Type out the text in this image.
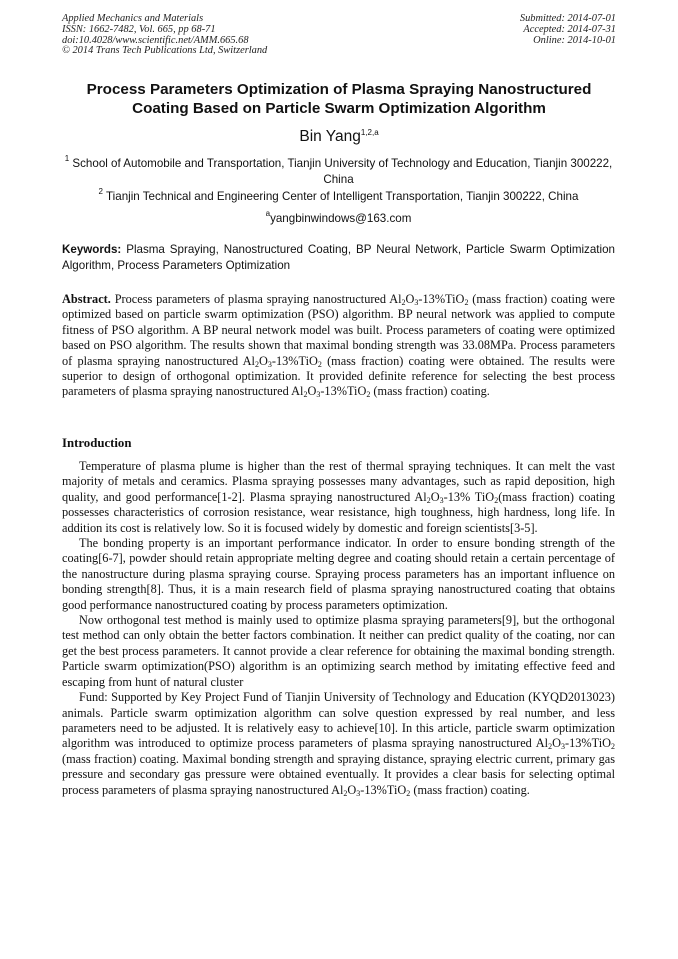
Applied Mechanics and Materials
ISSN: 1662-7482, Vol. 665, pp 68-71
doi:10.4028/www.scientific.net/AMM.665.68
© 2014 Trans Tech Publications Ltd, Switzerland
Submitted: 2014-07-01
Accepted: 2014-07-31
Online: 2014-10-01
Process Parameters Optimization of Plasma Spraying Nanostructured
Coating Based on Particle Swarm Optimization Algorithm
Bin Yang$^{1,2,a}$
$^1$ School of Automobile and Transportation, Tianjin University of Technology and Education, Tianjin 300222, China
$^2$ Tianjin Technical and Engineering Center of Intelligent Transportation, Tianjin 300222, China
$^a$yangbinwindows@163.com
Keywords: Plasma Spraying, Nanostructured Coating, BP Neural Network, Particle Swarm Optimization Algorithm, Process Parameters Optimization
Abstract. Process parameters of plasma spraying nanostructured $Al_2O_3-13\%TiO_2$ (mass fraction) coating were optimized based on particle swarm optimization (PSO) algorithm. BP neural network was applied to compute fitness of PSO algorithm. A BP neural network model was built. Process parameters of coating were optimized based on PSO algorithm. The results shown that maximal bonding strength was 33.08MPa. Process parameters of plasma spraying nanostructured $Al_2O_3-13\%TiO_2$ (mass fraction) coating were obtained. The results were superior to design of orthogonal optimization. It provided definite reference for selecting the best process parameters of plasma spraying nanostructured $Al_2O_3-13\%TiO_2$ (mass fraction) coating.
Introduction

Temperature of plasma plume is higher than the rest of thermal spraying techniques. It can melt the vast majority of metals and ceramics. Plasma spraying possesses many advantages, such as rapid deposition, high quality, and good performance[1-2]. Plasma spraying nanostructured $Al_2O_3-13\%$ TiO$_2$(mass fraction) coating possesses characteristics of corrosion resistance, wear resistance, high toughness, high hardness, long life. In addition its cost is relatively low. So it is focused widely by domestic and foreign scientists[3-5].

The bonding property is an important performance indicator. In order to ensure bonding strength of the coating[6-7], powder should retain appropriate melting degree and coating should retain a certain percentage of the nanostructure during plasma spraying course. Spraying process parameters has an important influence on bonding strength[8]. Thus, it is a main research field of plasma spraying nanostructured coating that obtains good performance nanostructured coating by process parameters optimization.

Now orthogonal test method is mainly used to optimize plasma spraying parameters[9], but the orthogonal test method can only obtain the better factors combination. It neither can predict quality of the coating, nor can get the best process parameters. It cannot provide a clear reference for obtaining the maximal bonding strength. Particle swarm optimization(PSO) algorithm is an optimizing search method by imitating effective feed and escaping from hunt of natural cluster

Fund: Supported by Key Project Fund of Tianjin University of Technology and Education (KYQD2013023) animals. Particle swarm optimization algorithm can solve question expressed by real number, and less parameters need to be adjusted. It is relatively easy to achieve[10]. In this article, particle swarm optimization algorithm was introduced to optimize process parameters of plasma spraying nanostructured $Al_2O_3-13\%TiO_2$ (mass fraction) coating. Maximal bonding strength and spraying distance, spraying electric current, primary gas pressure and secondary gas pressure were obtained eventually. It provides a clear basis for selecting optimal process parameters of plasma spraying nanostructured $Al_2O_3-13\%TiO_2$ (mass fraction) coating.
